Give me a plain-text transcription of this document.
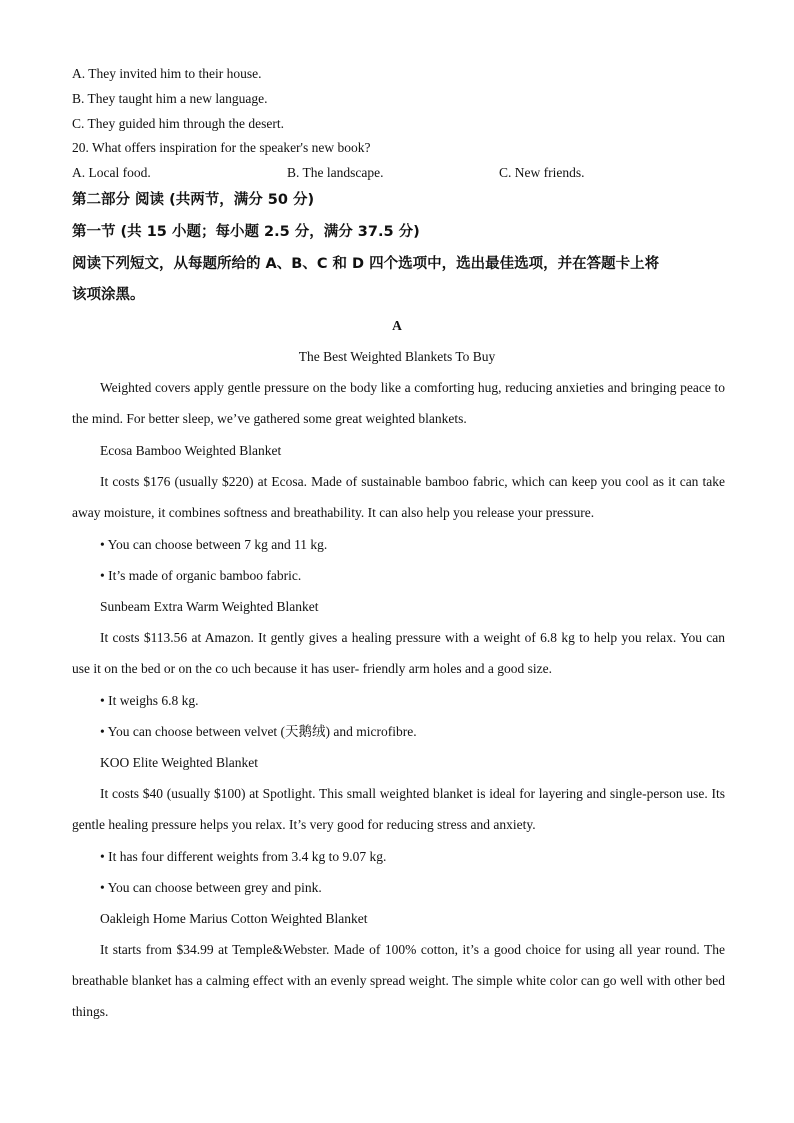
A. They invited him to their house.
B. They taught him a new language.
C. They guided him through the desert.
20. What offers inspiration for the speaker's new book?
A. Local food.	B. The landscape.	C. New friends.
第二部分 阅读 (共两节，满分 50 分)
第一节 (共 15 小题；每小题 2.5 分，满分 37.5 分)
阅读下列短文，从每题所给的 A、B、C 和 D 四个选项中，选出最佳选项，并在答题卡上将
该项涂黑。
A
The Best Weighted Blankets To Buy
Weighted covers apply gentle pressure on the body like a comforting hug, reducing anxieties and bringing peace to the mind. For better sleep, we’ve gathered some great weighted blankets.
Ecosa Bamboo Weighted Blanket
It costs $176 (usually $220) at Ecosa. Made of sustainable bamboo fabric, which can keep you cool as it can take away moisture, it combines softness and breathability. It can also help you release your pressure.
• You can choose between 7 kg and 11 kg.
• It’s made of organic bamboo fabric.
Sunbeam Extra Warm Weighted Blanket
It costs $113.56 at Amazon. It gently gives a healing pressure with a weight of 6.8 kg to help you relax. You can use it on the bed or on the co uch because it has user- friendly arm holes and a good size.
• It weighs 6.8 kg.
• You can choose between velvet (天鹅绒) and microfibre.
KOO Elite Weighted Blanket
It costs $40 (usually $100) at Spotlight. This small weighted blanket is ideal for layering and single-person use. Its gentle healing pressure helps you relax. It’s very good for reducing stress and anxiety.
• It has four different weights from 3.4 kg to 9.07 kg.
• You can choose between grey and pink.
Oakleigh Home Marius Cotton Weighted Blanket
It starts from $34.99 at Temple&Webster. Made of 100% cotton, it’s a good choice for using all year round. The breathable blanket has a calming effect with an evenly spread weight. The simple white color can go well with other bed things.
